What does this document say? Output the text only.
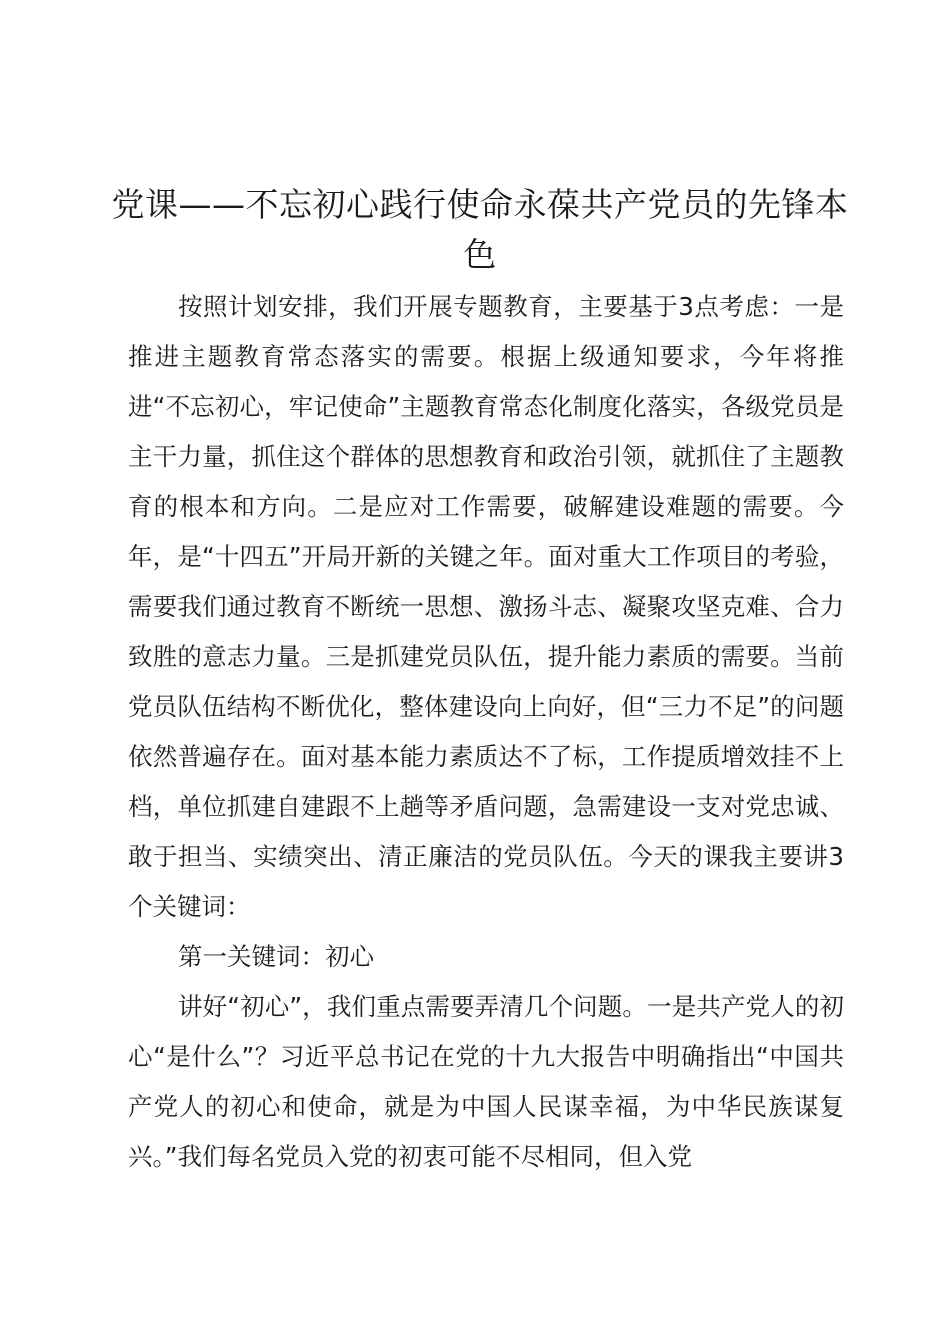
党课——不忘初心践行使命永葆共产党员的先锋本色

按照计划安排，我们开展专题教育，主要基于3点考虑：一是推进主题教育常态落实的需要。根据上级通知要求，今年将推进“不忘初心，牢记使命”主题教育常态化制度化落实，各级党员是主干力量，抓住这个群体的思想教育和政治引领，就抓住了主题教育的根本和方向。二是应对工作需要，破解建设难题的需要。今年，是“十四五”开局开新的关键之年。面对重大工作项目的考验，需要我们通过教育不断统一思想、激扬斗志、凝聚攻坚克难、合力致胜的意志力量。三是抓建党员队伍，提升能力素质的需要。当前党员队伍结构不断优化，整体建设向上向好，但“三力不足”的问题依然普遍存在。面对基本能力素质达不了标，工作提质增效挂不上档，单位抓建自建跟不上趟等矛盾问题，急需建设一支对党忠诚、敢于担当、实绩突出、清正廉洁的党员队伍。今天的课我主要讲3个关键词：

第一关键词：初心

讲好“初心”，我们重点需要弄清几个问题。一是共产党人的初心“是什么”？习近平总书记在党的十九大报告中明确指出“中国共产党人的初心和使命，就是为中国人民谋幸福，为中华民族谋复兴。”我们每名党员入党的初衷可能不尽相同，但入党
